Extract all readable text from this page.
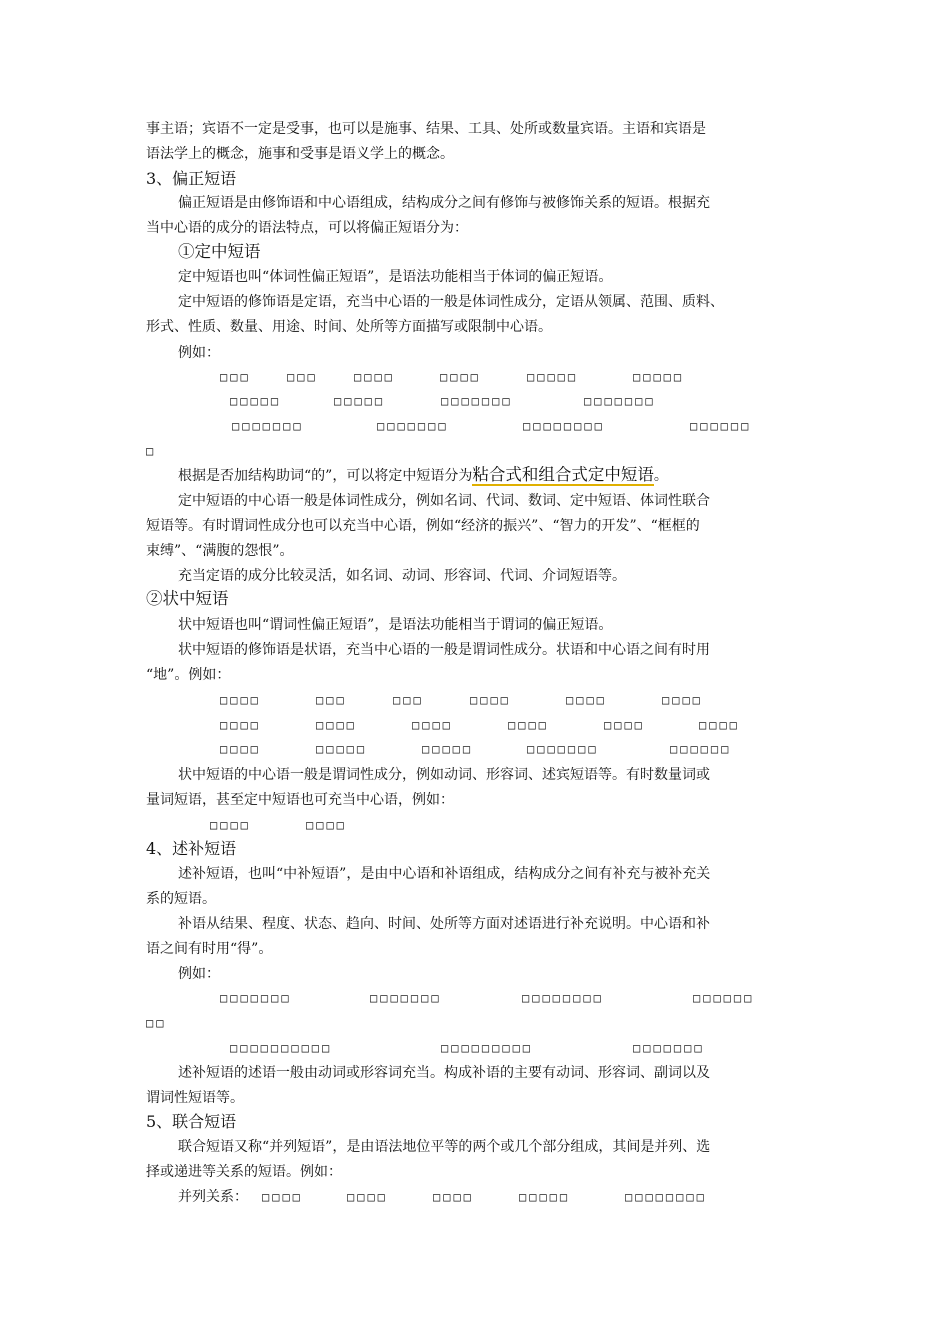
事主语；宾语不一定是受事，也可以是施事、结果、工具、处所或数量宾语。主语和宾语是
语法学上的概念，施事和受事是语义学上的概念。
3、偏正短语
偏正短语是由修饰语和中心语组成，结构成分之间有修饰与被修饰关系的短语。根据充
当中心语的成分的语法特点，可以将偏正短语分为：
①定中短语
定中短语也叫“体词性偏正短语”，是语法功能相当于体词的偏正短语。
定中短语的修饰语是定语，充当中心语的一般是体词性成分，定语从领属、范围、质料、
形式、性质、数量、用途、时间、处所等方面描写或限制中心语。
例如：
□□□	□□□	□□□□	□□□□	□□□□□	□□□□□
□□□□□	□□□□□	□□□□□□□	□□□□□□□
□□□□□□□	□□□□□□□	□□□□□□□□	□□□□□□
□
根据是否加结构助词“的”，可以将定中短语分为粘合式和组合式定中短语。
定中短语的中心语一般是体词性成分，例如名词、代词、数词、定中短语、体词性联合
短语等。有时谓词性成分也可以充当中心语，例如“经济的振兴”、“智力的开发”、“框框的
束缚”、“满腹的怨恨”。
充当定语的成分比较灵活，如名词、动词、形容词、代词、介词短语等。
②状中短语
状中短语也叫“谓词性偏正短语”，是语法功能相当于谓词的偏正短语。
状中短语的修饰语是状语，充当中心语的一般是谓词性成分。状语和中心语之间有时用
“地”。例如：
□□□□	□□□	□□□	□□□□	□□□□	□□□□
□□□□	□□□□	□□□□	□□□□	□□□□	□□□□
□□□□	□□□□□	□□□□□	□□□□□□□	□□□□□□
状中短语的中心语一般是谓词性成分，例如动词、形容词、述宾短语等。有时数量词或
量词短语，甚至定中短语也可充当中心语，例如：
□□□□	□□□□
4、述补短语
述补短语，也叫“中补短语”，是由中心语和补语组成，结构成分之间有补充与被补充关
系的短语。
补语从结果、程度、状态、趋向、时间、处所等方面对述语进行补充说明。中心语和补
语之间有时用“得”。
例如：
□□□□□□□	□□□□□□□	□□□□□□□□	□□□□□□
□□
□□□□□□□□□□	□□□□□□□□□	□□□□□□□
述补短语的述语一般由动词或形容词充当。构成补语的主要有动词、形容词、副词以及
谓词性短语等。
5、联合短语
联合短语又称“并列短语”，是由语法地位平等的两个或几个部分组成，其间是并列、选
择或递进等关系的短语。例如：
并列关系： □□□□	□□□□	□□□□	□□□□□	□□□□□□□□
